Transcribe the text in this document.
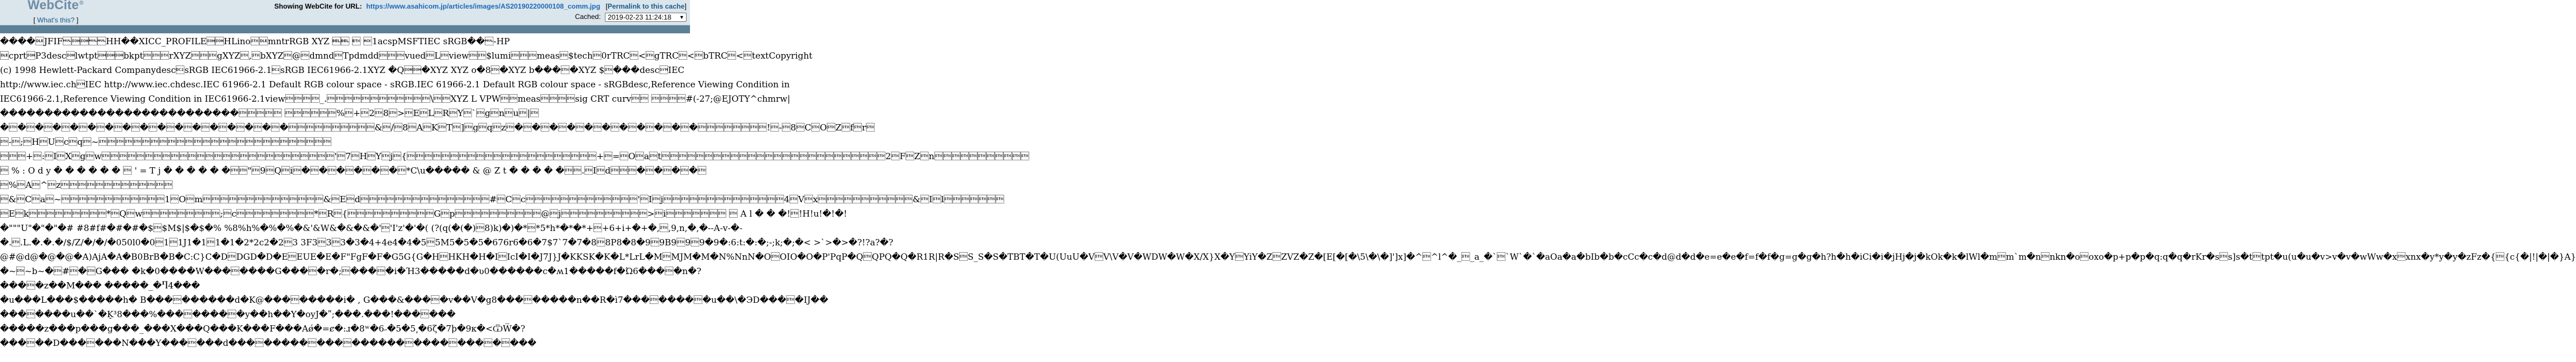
WebCite®
[ What's this? ]
Showing WebCite for URL: https://www.asahicom.jp/articles/images/AS20190220000108_comm.jpg [Permalink to this cache]
Cached: 2019-02-23 11:24:18 ▼
����JFIF   HH��XICC_PROFILEHLinomntrRGB XYZ   1acspMSFTIEC sRGB�� -HP
cprtP3desclwtptbkptrXYZgXYZ,bXYZ@dmndTpdmddvuedLview$lumimeas$tech0rTRC<gTRC<bTRC<textCopyright
(c) 1998 Hewlett-Packard CompanydescsRGB IEC61966-2.1sRGB IEC61966-2.1XYZ �Q�XYZ XYZ o�8�XYZ b����XYZ $���descIEC
http://www.iec.chIEC http://www.iec.chdesc.IEC 61966-2.1 Default RGB colour space - sRGB.IEC 61966-2.1 Default RGB colour space - sRGBdesc,Reference Viewing Condition in
IEC61966-2.1,Reference Viewing Condition in IEC61966-2.1view_.\XYZ L VPWmeassig CRT curv #(-27;@EJOTY^chmrw|
��������������������������� %+28>ELRY`gnu|
�����������������&/8AKT]gqz�����������!-8COZfr
-;HUcq~
+:IXgw'7HYj{+=Oat2FZn
 % : O d y � � � � � �  ' = T j � � � � � �"9Qi������*C\u����� & @ Z t � � � � �.Id����
%A^z
&Ca~1Om&Ed#Cc'Ij4Vx&Il
Ek*Qw;c*R{Gp@j>i  A l � � �!!H!u!�!�!
�"""U"�"�"�# #8#f#�#�#�$$M$|$�$�% %8%h%�%�%�&'&W&�&�&�''I'z'�'�( (?(q(�(�)8)k)�)�**5*h*�*�*++6+i+�+�,,9,n,�,�--A-v-�-
�..L.�.�.�/$/Z/�/�/�050l0�011J1�11�1�2*2c2�23 3F333�3�4+4e4�4�55M5�5�5�676r6�6�7$7`7�7�88P8�8�99B999�9�:6:t:�:�;-;k;�;�< >`>�>�?!?a?�?
@#@d@�@�@�A)AjA�A�B0BrB�B�C:C}C�DDGD�D�EEUE�E�F"FgF�F�G5G{G�HHKH�H�IIcI�I�J7J}J�KKSK�K�L*LrL�MMJM�M�N%NnN�OOIO�O�P'PqP�QQPQ�Q�R1R|R�SS_S�S�TBT�T�U(UuU�VV\V�V�WDW�W�X/X}X�YYiY�ZZVZ�Z�[E[�[�\5\�\�]']x]�^^l^�__a_�``W`�`�aOa�a�bIb�b�cCc�c�d@d�d�e=e�e�f=f�f�g=g�g�h?h�h�iCi�i�jHj�j�kOk�k�lWl�mm`m�nnkn�ooxo�p+p�p�q:q�q�rKr�ss]s�ttpt�u(u�u�v>v�v�wWw�xxnx�y*y�y�zFz�{{c{�|!|�|�}A}
�~~b~�#�G��� �k�0����W�������G����r�;����i�Ή3�����d�ʋ0������c�ʍ1�����f�Ώ6����n�?
����z��M��� �����_�Ⴄ4���
�u���L���$�����h� B���������d�K@��������i� , G���&����v��V�g8��������n��R�ì7��������u��\�ЭD����Ĳ��
�������u��`�K̠³8���%��������y��h��Y�oyJ�ʺ;���.���!������
�����z���p���g���_���X���Q���K���F���Aǿ�=ȼ�:ɹ�8ʷ�6˶�5̵�5͵�6ζ�7ϸ�9к�<ѾW̅�?
�����D������N���Y������d����������������������������
